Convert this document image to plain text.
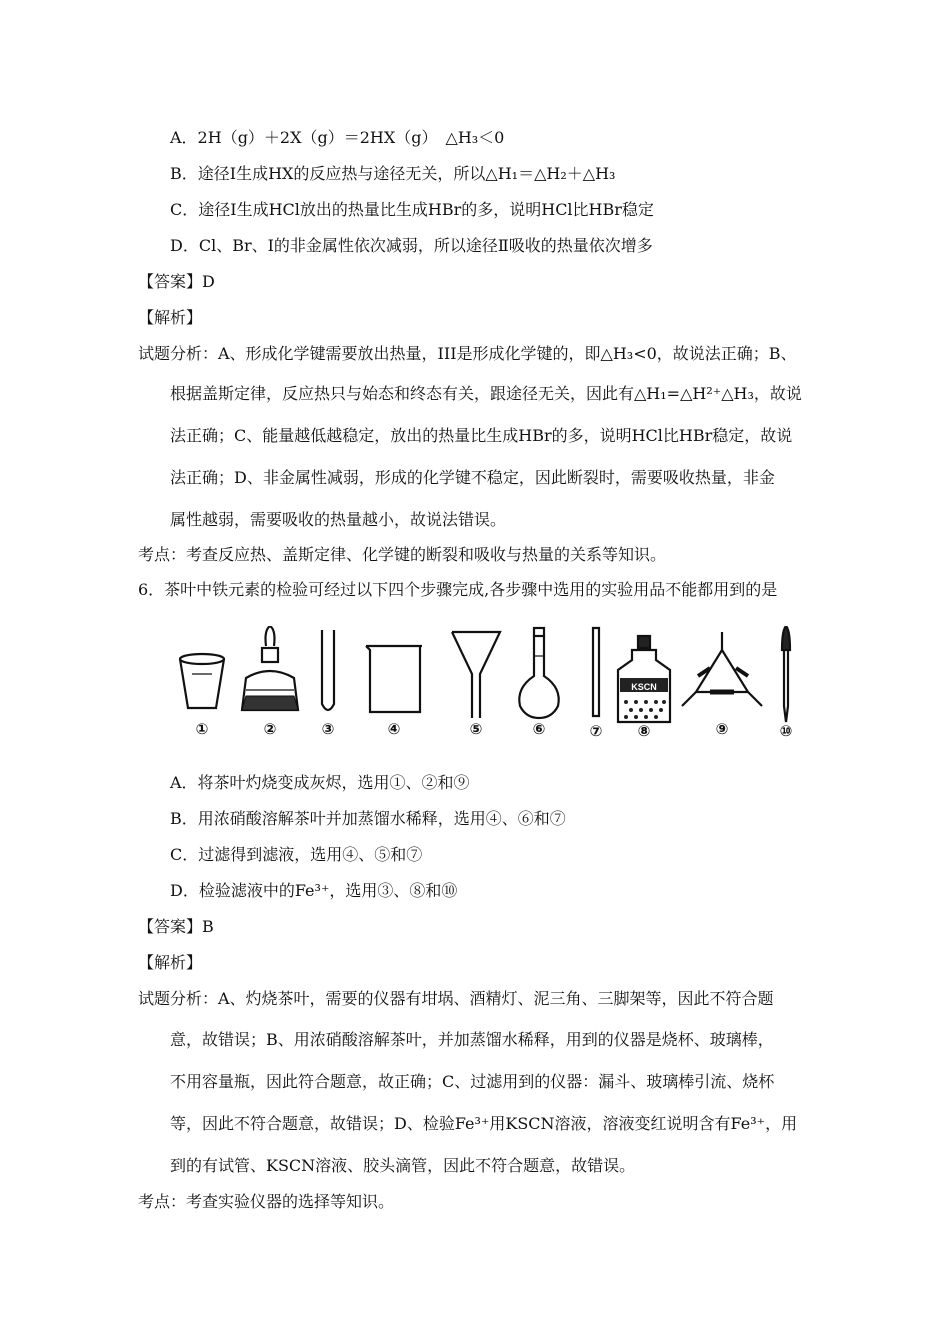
A．2H（g）＋2X（g）＝2HX（g）　△H₃＜0
B．途径Ⅰ生成HX的反应热与途径无关，所以△H₁＝△H₂＋△H₃
C．途径Ⅰ生成HCl放出的热量比生成HBr的多，说明HCl比HBr稳定
D．Cl、Br、I的非金属性依次减弱，所以途径Ⅱ吸收的热量依次增多
【答案】D
【解析】
试题分析：A、形成化学键需要放出热量，III是形成化学键的，即△H₃<0，故说法正确；B、
根据盖斯定律，反应热只与始态和终态有关，跟途径无关，因此有△H₁=△H²⁺△H₃，故说
法正确；C、能量越低越稳定，放出的热量比生成HBr的多，说明HCl比HBr稳定，故说
法正确；D、非金属性减弱，形成的化学键不稳定，因此断裂时，需要吸收热量，非金
属性越弱，需要吸收的热量越小，故说法错误。
考点：考查反应热、盖斯定律、化学键的断裂和吸收与热量的关系等知识。
6．茶叶中铁元素的检验可经过以下四个步骤完成,各步骤中选用的实验用品不能都用到的是
KSCN
①	②	③	④	⑤	⑥	⑦ ⑧	⑨	⑩
A．将茶叶灼烧变成灰烬，选用①、②和⑨
B．用浓硝酸溶解茶叶并加蒸馏水稀释，选用④、⑥和⑦
C．过滤得到滤液，选用④、⑤和⑦
D．检验滤液中的Fe³⁺，选用③、⑧和⑩
【答案】B
【解析】
试题分析：A、灼烧茶叶，需要的仪器有坩埚、酒精灯、泥三角、三脚架等，因此不符合题
意，故错误；B、用浓硝酸溶解茶叶，并加蒸馏水稀释，用到的仪器是烧杯、玻璃棒，
不用容量瓶，因此符合题意，故正确；C、过滤用到的仪器：漏斗、玻璃棒引流、烧杯
等，因此不符合题意，故错误；D、检验Fe³⁺用KSCN溶液，溶液变红说明含有Fe³⁺，用
到的有试管、KSCN溶液、胶头滴管，因此不符合题意，故错误。
考点：考查实验仪器的选择等知识。
